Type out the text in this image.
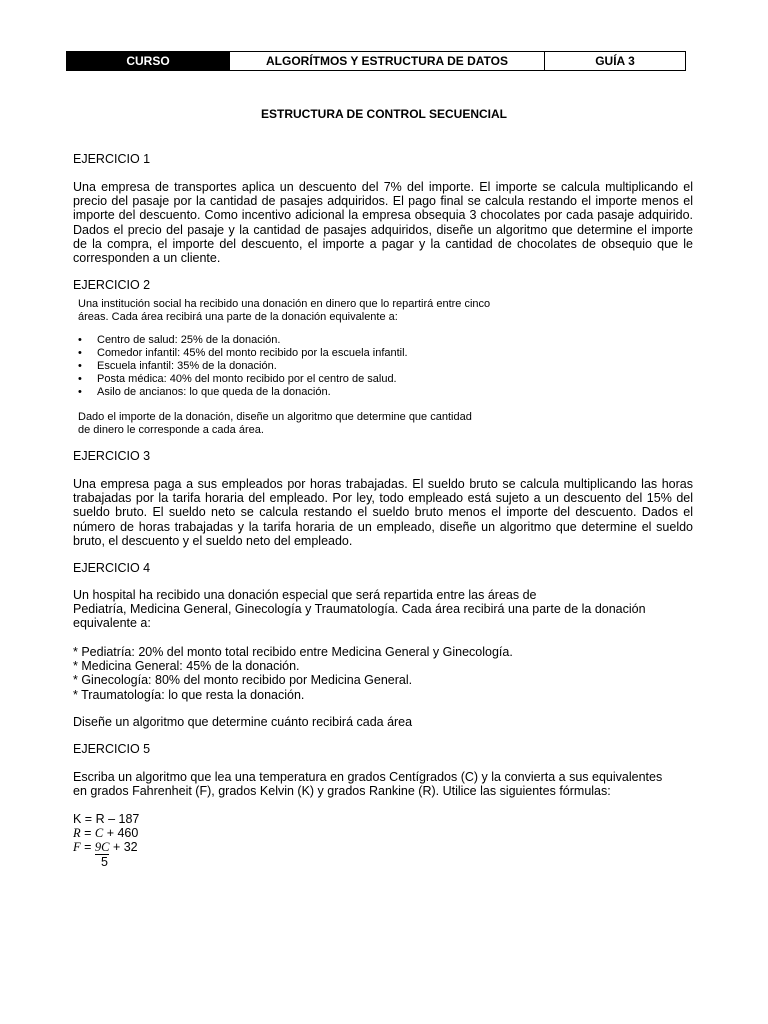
CURSO	ALGORÍTMOS Y ESTRUCTURA DE DATOS	GUÍA 3
ESTRUCTURA DE CONTROL SECUENCIAL
EJERCICIO 1

Una empresa de transportes aplica un descuento del 7% del importe. El importe se calcula multiplicando el precio del pasaje por la cantidad de pasajes adquiridos. El pago final se calcula restando el importe menos el importe del descuento. Como incentivo adicional la empresa obsequia 3 chocolates por cada pasaje adquirido. Dados el precio del pasaje y la cantidad de pasajes adquiridos, diseñe un algoritmo que determine el importe de la compra, el importe del descuento, el importe a pagar y la cantidad de chocolates de obsequio que le corresponden a un cliente.

EJERCICIO 2

Una institución social ha recibido una donación en dinero que lo repartirá entre cinco

áreas. Cada área recibirá una parte de la donación equivalente a:

• Centro de salud: 25% de la donación.
• Comedor infantil: 45% del monto recibido por la escuela infantil.
• Escuela infantil: 35% de la donación.
• Posta médica: 40% del monto recibido por el centro de salud.
• Asilo de ancianos: lo que queda de la donación.

Dado el importe de la donación, diseñe un algoritmo que determine que cantidad

de dinero le corresponde a cada área.

EJERCICIO 3

Una empresa paga a sus empleados por horas trabajadas. El sueldo bruto se calcula multiplicando las horas trabajadas por la tarifa horaria del empleado. Por ley, todo empleado está sujeto a un descuento del 15% del sueldo bruto. El sueldo neto se calcula restando el sueldo bruto menos el importe del descuento. Dados el número de horas trabajadas y la tarifa horaria de un empleado, diseñe un algoritmo que determine el sueldo bruto, el descuento y el sueldo neto del empleado.

EJERCICIO 4
Un hospital ha recibido una donación especial que será repartida entre las áreas de
Pediatría, Medicina General, Ginecología y Traumatología. Cada área recibirá una parte de la donación
equivalente a:
* Pediatría: 20% del monto total recibido entre Medicina General y Ginecología.
* Medicina General: 45% de la donación.
* Ginecología: 80% del monto recibido por Medicina General.
* Traumatología: lo que resta la donación.
Diseñe un algoritmo que determine cuánto recibirá cada área
EJERCICIO 5
Escriba un algoritmo que lea una temperatura en grados Centígrados (C) y la convierta a sus equivalentes
en grados Fahrenheit (F), grados Kelvin (K) y grados Rankine (R). Utilice las siguientes fórmulas:
K = R – 187
R = C + 460
F = 9C + 32
5
